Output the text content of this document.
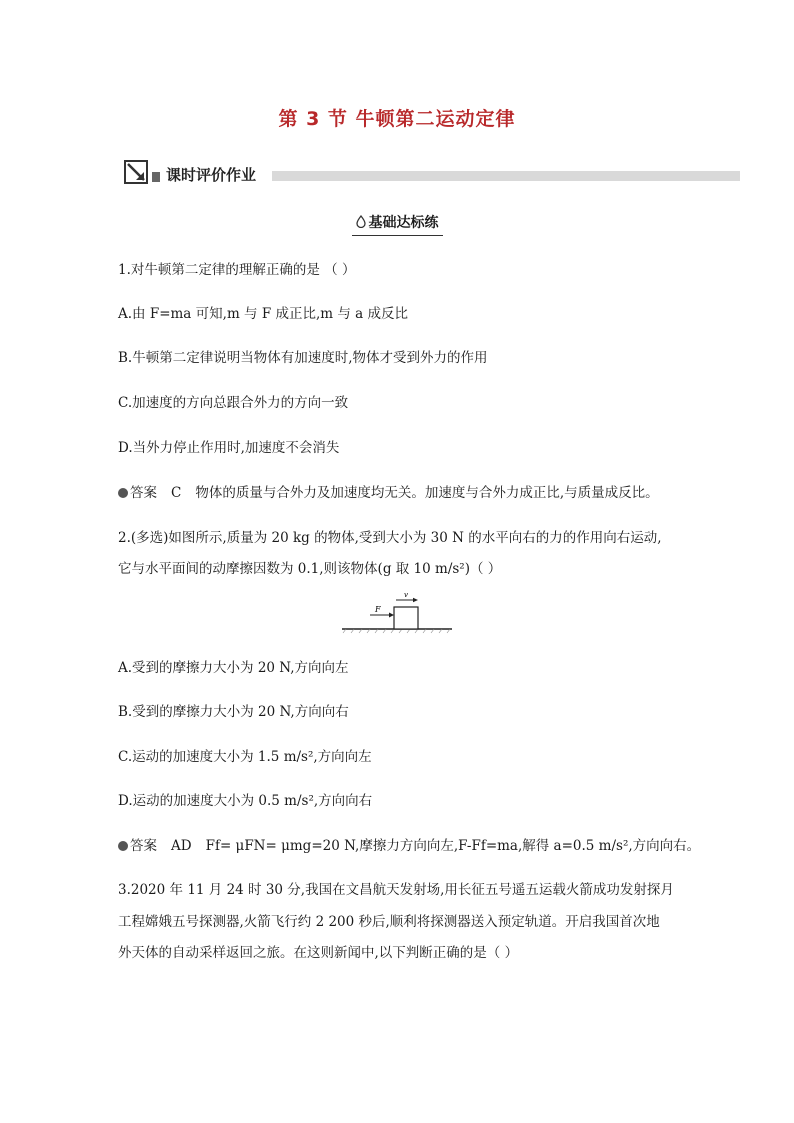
第 3 节 牛顿第二运动定律
课时评价作业
基础达标练
1.对牛顿第二定律的理解正确的是 （ ）
A.由 F=ma 可知,m 与 F 成正比,m 与 a 成反比
B.牛顿第二定律说明当物体有加速度时,物体才受到外力的作用
C.加速度的方向总跟合外力的方向一致
D.当外力停止作用时,加速度不会消失
答案 C 物体的质量与合外力及加速度均无关。加速度与合外力成正比,与质量成反比。
2.(多选)如图所示,质量为 20 kg 的物体,受到大小为 30 N 的水平向右的力的作用向右运动,
它与水平面间的动摩擦因数为 0.1,则该物体(g 取 10 m/s²)（ ）
F
v
A.受到的摩擦力大小为 20 N,方向向左
B.受到的摩擦力大小为 20 N,方向向右
C.运动的加速度大小为 1.5 m/s²,方向向左
D.运动的加速度大小为 0.5 m/s²,方向向右
答案 AD Ff= μFN= μmg=20 N,摩擦力方向向左,F-Ff=ma,解得 a=0.5 m/s²,方向向右。
3.2020 年 11 月 24 时 30 分,我国在文昌航天发射场,用长征五号遥五运载火箭成功发射探月
工程嫦娥五号探测器,火箭飞行约 2 200 秒后,顺利将探测器送入预定轨道。开启我国首次地
外天体的自动采样返回之旅。在这则新闻中,以下判断正确的是（ ）
